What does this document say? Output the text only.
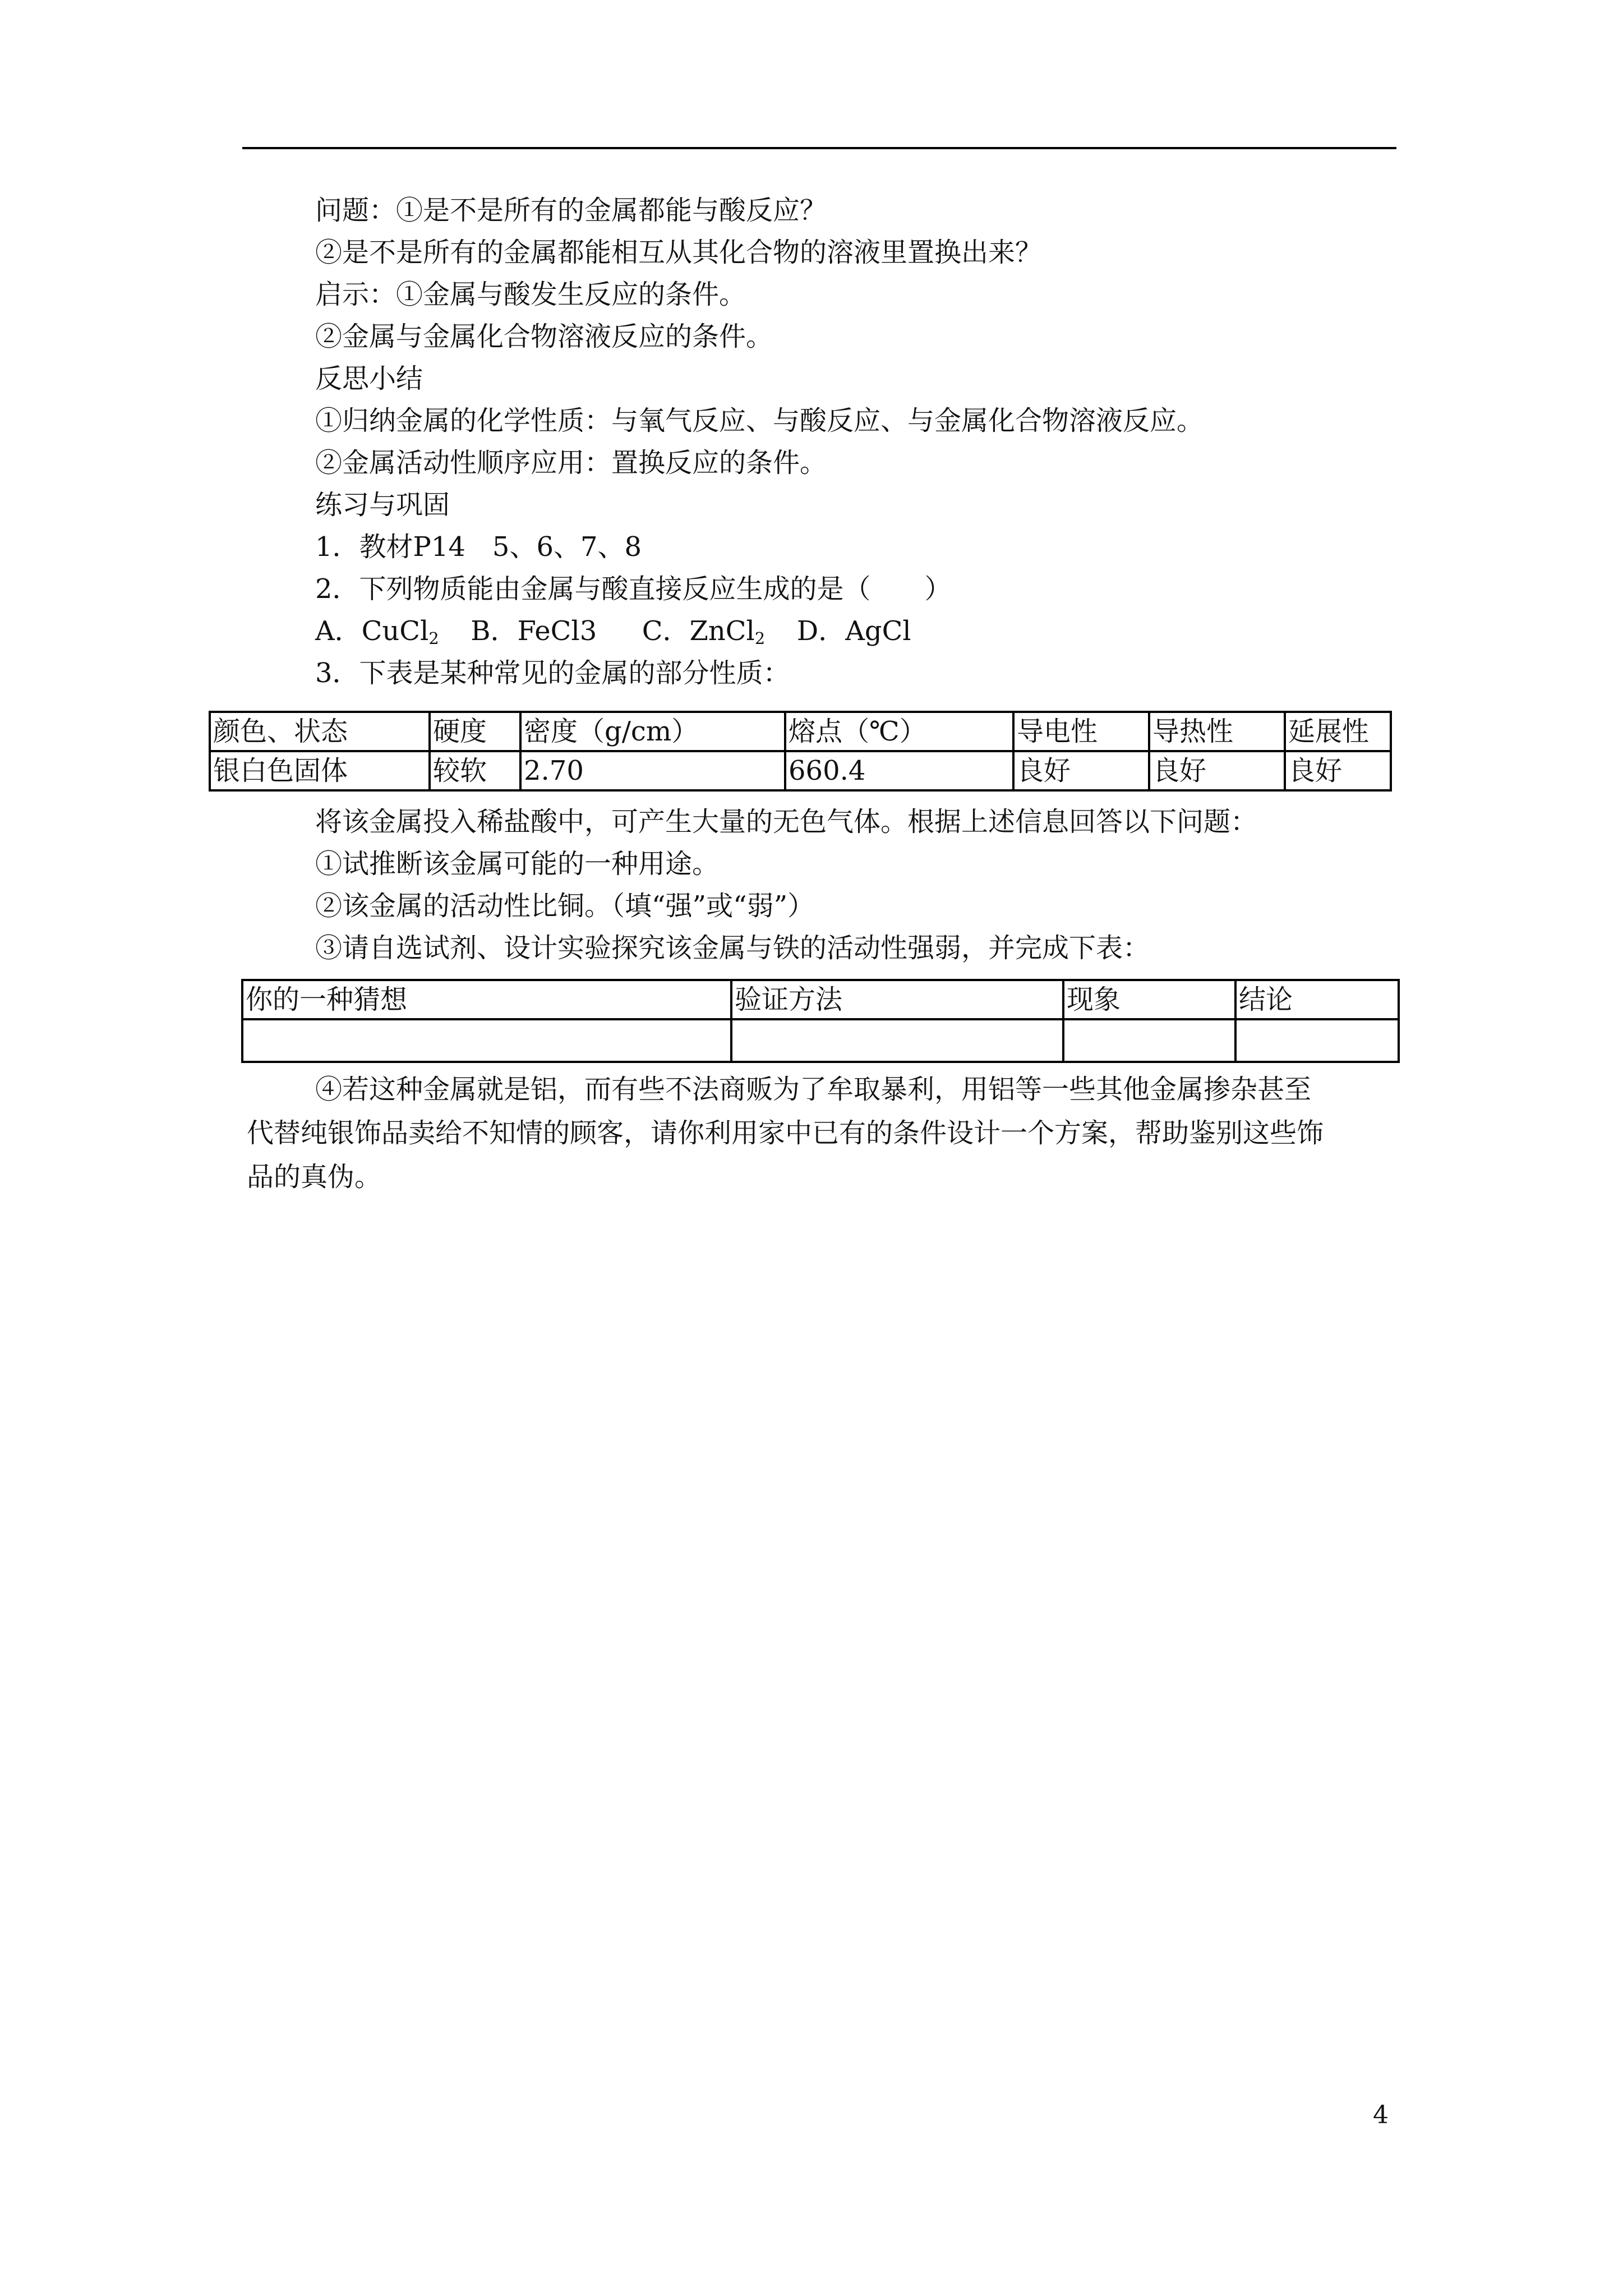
问题：①是不是所有的金属都能与酸反应？
②是不是所有的金属都能相互从其化合物的溶液里置换出来？
启示：①金属与酸发生反应的条件。
②金属与金属化合物溶液反应的条件。
反思小结
①归纳金属的化学性质：与氧气反应、与酸反应、与金属化合物溶液反应。
②金属活动性顺序应用：置换反应的条件。
练习与巩固
1．教材P14　5、6、7、8
2．下列物质能由金属与酸直接反应生成的是（　　）
A．CuCl$_2$ B．FeCl3 C．ZnCl$_2$ D．AgCl
3．下表是某种常见的金属的部分性质：
颜色、状态	硬度	密度（g/cm）	熔点（℃）	导电性	导热性	延展性
银白色固体	较软	2.70	660.4	良好	良好	良好
将该金属投入稀盐酸中，可产生大量的无色气体。根据上述信息回答以下问题：
①试推断该金属可能的一种用途。
②该金属的活动性比铜。（填“强”或“弱”）
③请自选试剂、设计实验探究该金属与铁的活动性强弱，并完成下表：
你的一种猜想	验证方法	现象	结论

④若这种金属就是铝，而有些不法商贩为了牟取暴利，用铝等一些其他金属掺杂甚至
代替纯银饰品卖给不知情的顾客，请你利用家中已有的条件设计一个方案，帮助鉴别这些饰
品的真伪。
4
